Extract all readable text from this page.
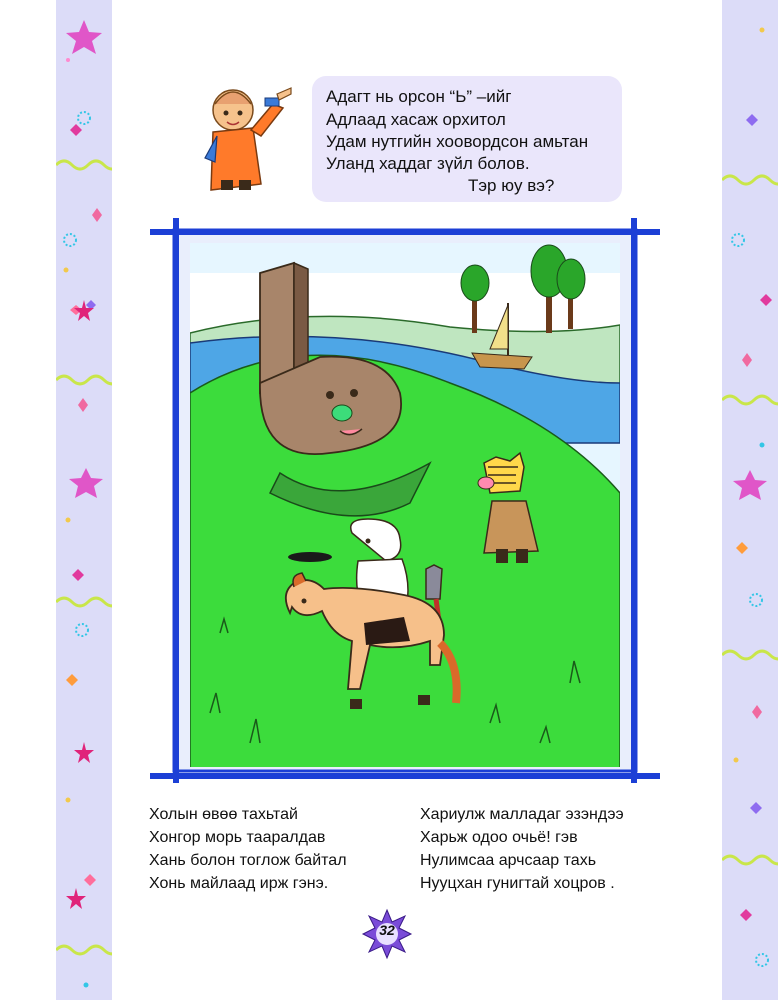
Адагт нь орсон “Ь” –ийг
Адлаад хасаж орхитол
Удам нутгийн хоовордсон амьтан
Уланд хаддаг зүйл болов.
Тэр юу вэ?
Холын өвөө тахьтай
Хонгор морь тааралдав
Хань болон тоглож байтал
Хонь майлаад ирж гэнэ.
Хариулж малладаг эзэндээ
Харьж одоо очьё! гэв
Нулимсаа арчсаар тахь
Нууцхан гунигтай хоцров .
32
